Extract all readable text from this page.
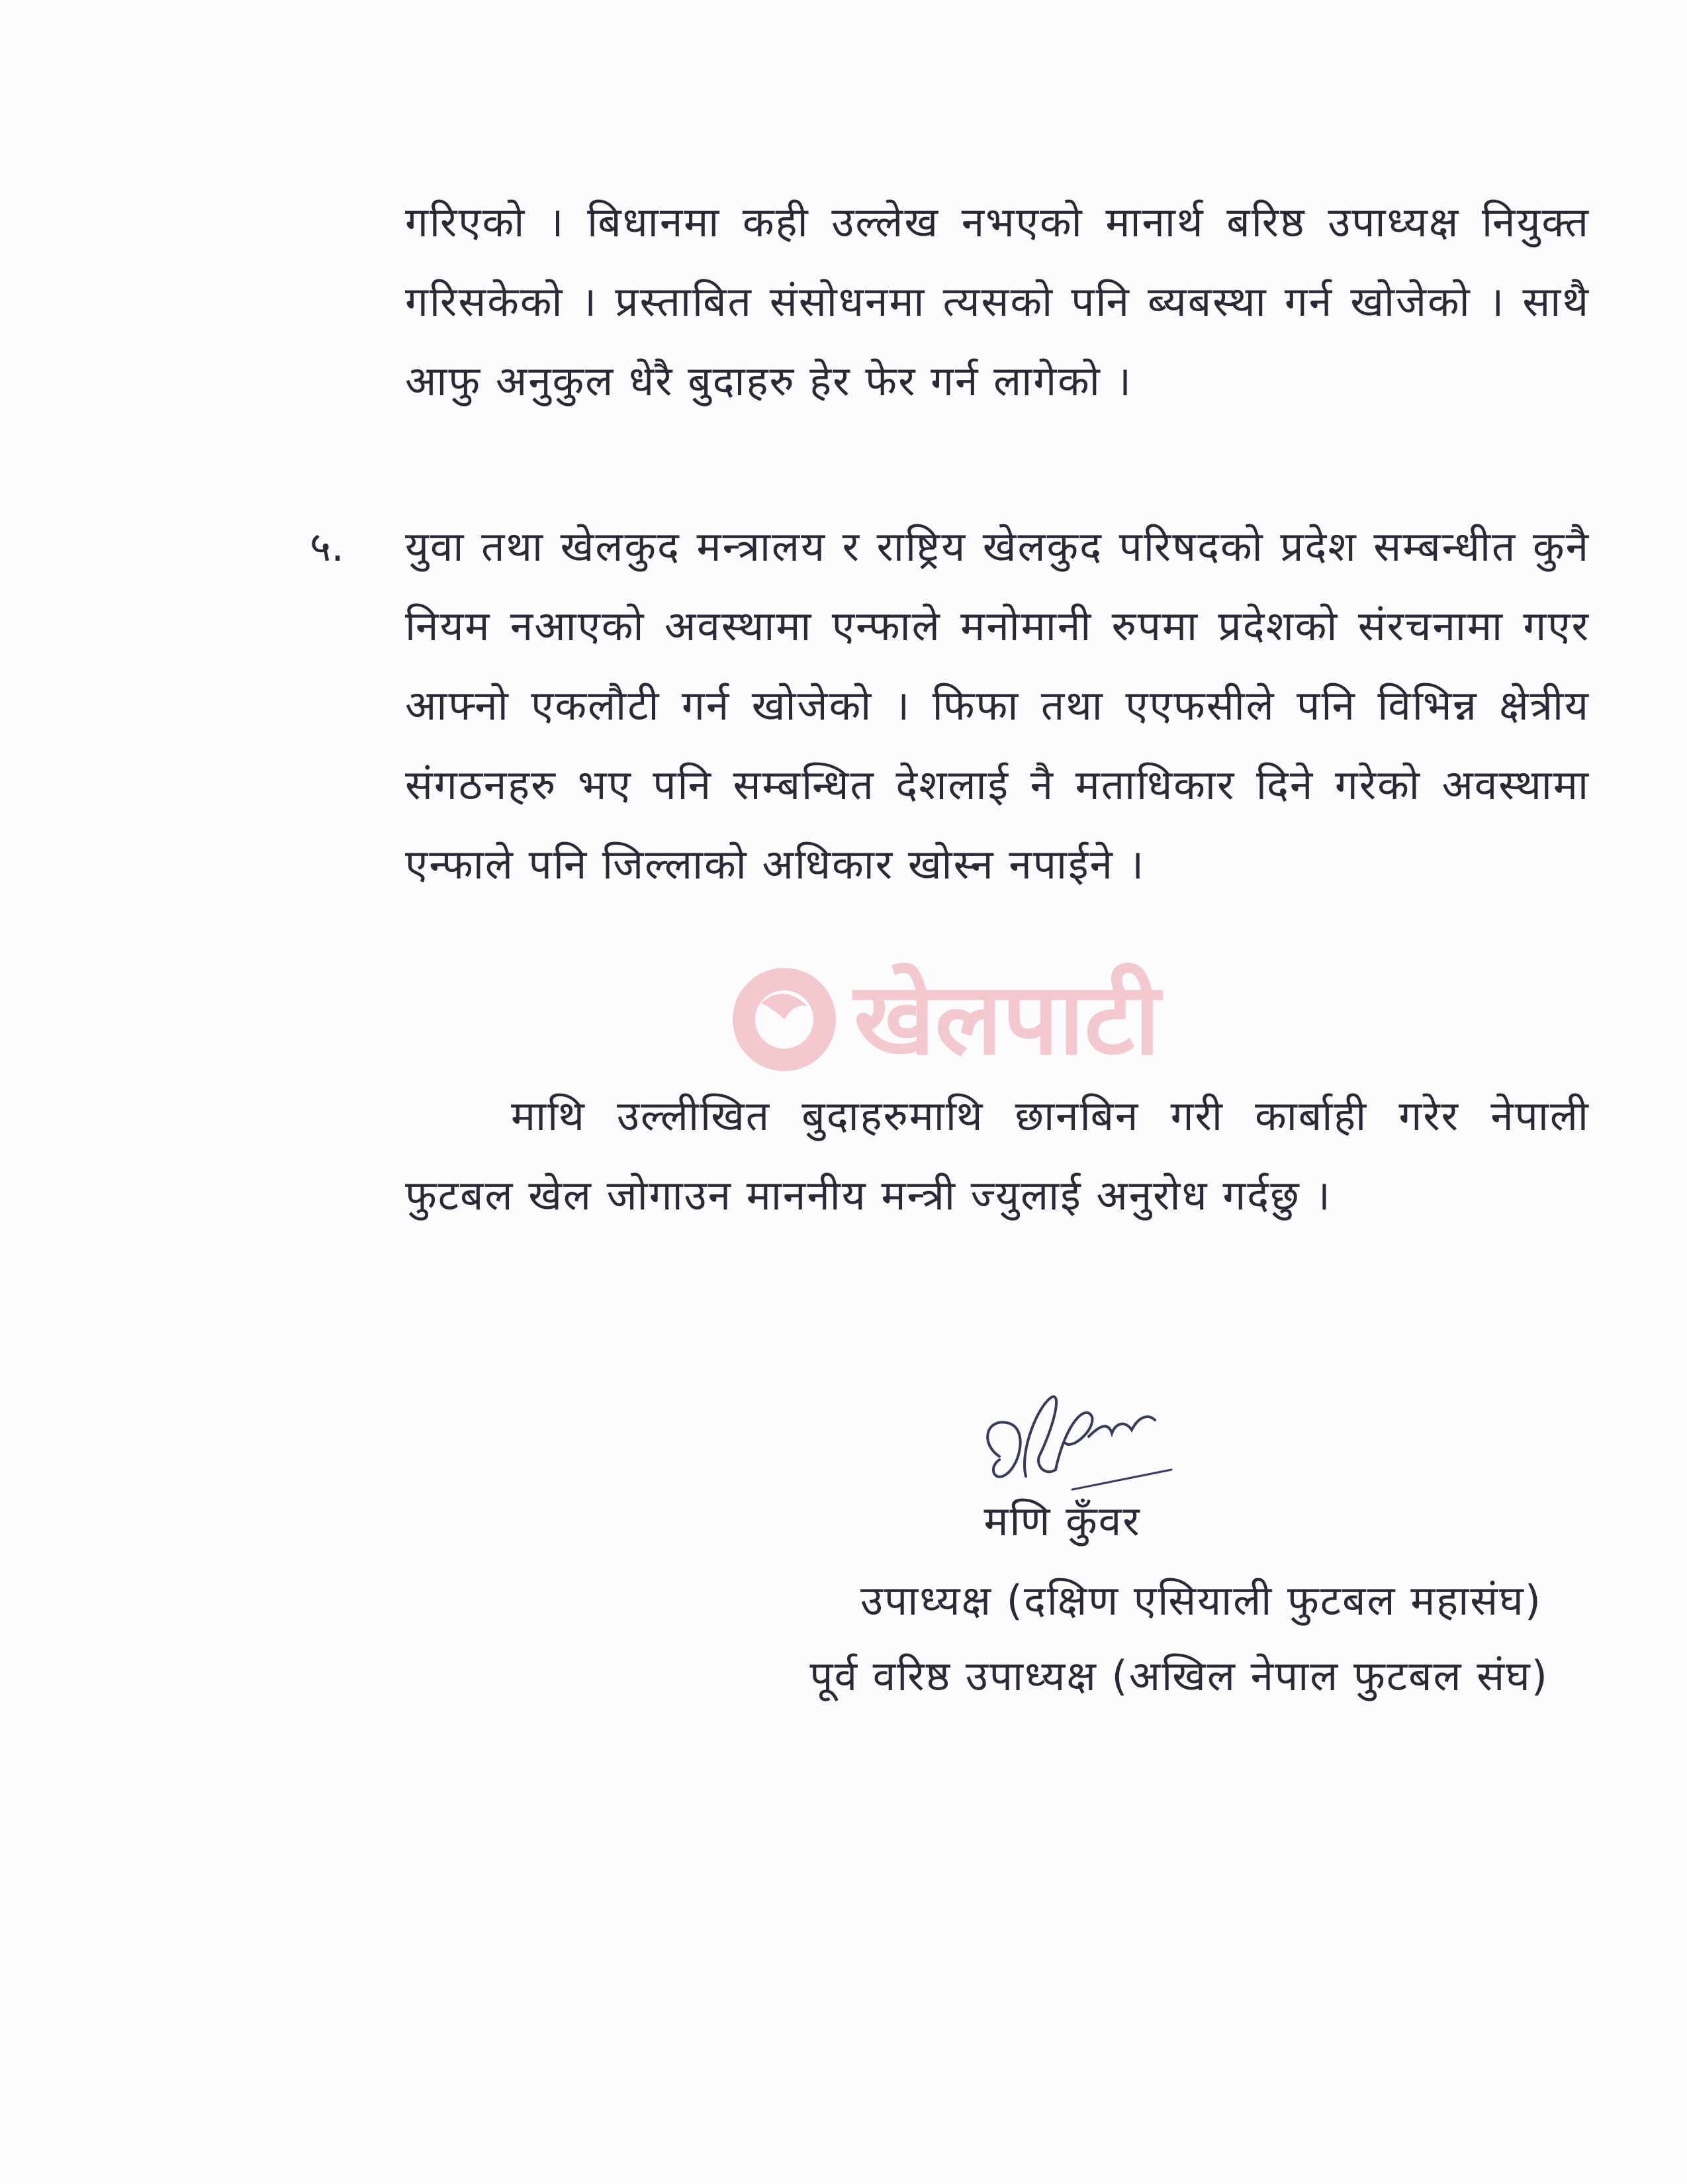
गरिएको । बिधानमा कही उल्लेख नभएको मानार्थ बरिष्ठ उपाध्यक्ष नियुक्त गरिसकेको । प्रस्ताबित संसोधनमा त्यसको पनि ब्यबस्था गर्न खोजेको । साथै आफु अनुकुल धेरै बुदाहरु हेर फेर गर्न लागेको ।
५. युवा तथा खेलकुद मन्त्रालय र राष्ट्रिय खेलकुद परिषदको प्रदेश सम्बन्धीत कुनै नियम नआएको अवस्थामा एन्फाले मनोमानी रुपमा प्रदेशको संरचनामा गएर आफ्नो एकलौटी गर्न खोजेको । फिफा तथा एएफसीले पनि विभिन्न क्षेत्रीय संगठनहरु भए पनि सम्बन्धित देशलाई नै मताधिकार दिने गरेको अवस्थामा एन्फाले पनि जिल्लाको अधिकार खोस्न नपाईने ।
माथि उल्लीखित बुदाहरुमाथि छानबिन गरी कार्बाही गरेर नेपाली फुटबल खेल जोगाउन माननीय मन्त्री ज्युलाई अनुरोध गर्दछु ।
खेलपाटी
मणि कुँवर
उपाध्यक्ष (दक्षिण एसियाली फुटबल महासंघ)
पूर्व वरिष्ठ उपाध्यक्ष (अखिल नेपाल फुटबल संघ)
